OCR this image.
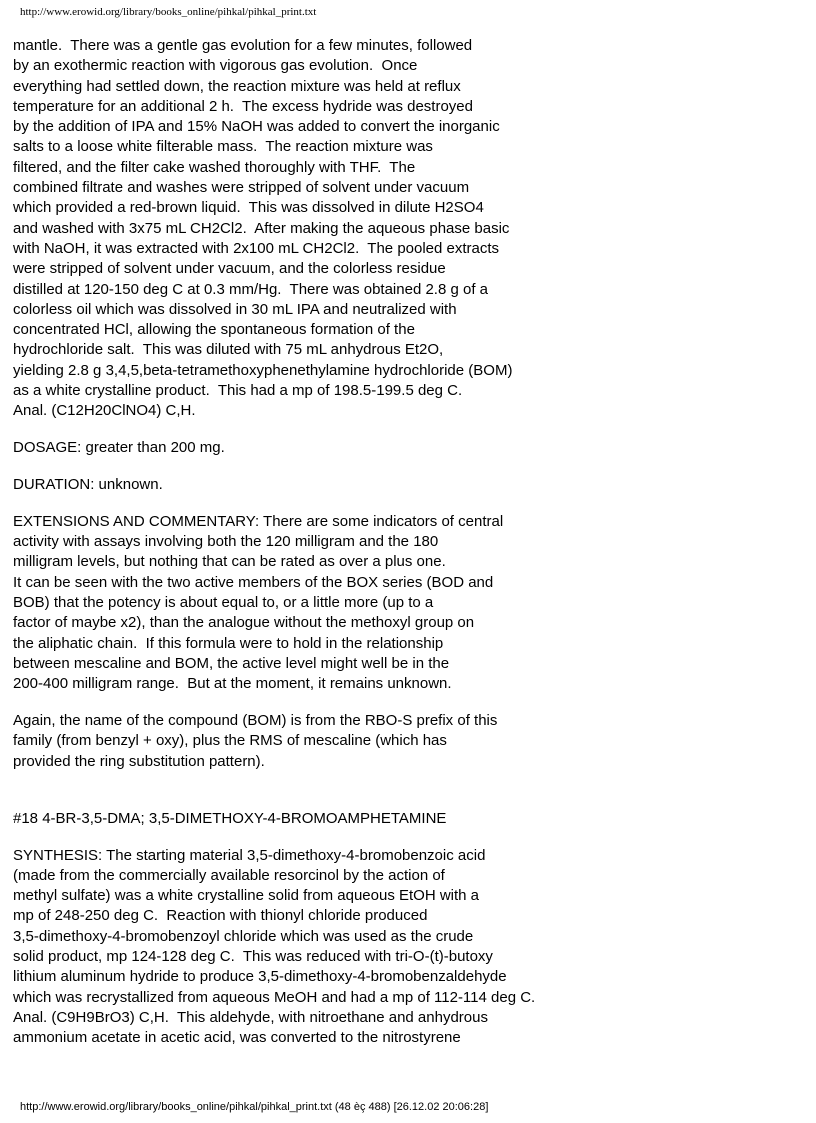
http://www.erowid.org/library/books_online/pihkal/pihkal_print.txt
mantle.  There was a gentle gas evolution for a few minutes, followed
by an exothermic reaction with vigorous gas evolution.  Once
everything had settled down, the reaction mixture was held at reflux
temperature for an additional 2 h.  The excess hydride was destroyed
by the addition of IPA and 15% NaOH was added to convert the inorganic
salts to a loose white filterable mass.  The reaction mixture was
filtered, and the filter cake washed thoroughly with THF.  The
combined filtrate and washes were stripped of solvent under vacuum
which provided a red-brown liquid.  This was dissolved in dilute H2SO4
and washed with 3x75 mL CH2Cl2.  After making the aqueous phase basic
with NaOH, it was extracted with 2x100 mL CH2Cl2.  The pooled extracts
were stripped of solvent under vacuum, and the colorless residue
distilled at 120-150 deg C at 0.3 mm/Hg.  There was obtained 2.8 g of a
colorless oil which was dissolved in 30 mL IPA and neutralized with
concentrated HCl, allowing the spontaneous formation of the
hydrochloride salt.  This was diluted with 75 mL anhydrous Et2O,
yielding 2.8 g 3,4,5,beta-tetramethoxyphenethylamine hydrochloride (BOM)
as a white crystalline product.  This had a mp of 198.5-199.5 deg C.
Anal. (C12H20ClNO4) C,H.
DOSAGE: greater than 200 mg.
DURATION: unknown.
EXTENSIONS AND COMMENTARY: There are some indicators of central
activity with assays involving both the 120 milligram and the 180
milligram levels, but nothing that can be rated as over a plus one.
It can be seen with the two active members of the BOX series (BOD and
BOB) that the potency is about equal to, or a little more (up to a
factor of maybe x2), than the analogue without the methoxyl group on
the aliphatic chain.  If this formula were to hold in the relationship
between mescaline and BOM, the active level might well be in the
200-400 milligram range.  But at the moment, it remains unknown.
Again, the name of the compound (BOM) is from the RBO-S prefix of this
family (from benzyl + oxy), plus the RMS of mescaline (which has
provided the ring substitution pattern).
#18 4-BR-3,5-DMA; 3,5-DIMETHOXY-4-BROMOAMPHETAMINE
SYNTHESIS: The starting material 3,5-dimethoxy-4-bromobenzoic acid
(made from the commercially available resorcinol by the action of
methyl sulfate) was a white crystalline solid from aqueous EtOH with a
mp of 248-250 deg C.  Reaction with thionyl chloride produced
3,5-dimethoxy-4-bromobenzoyl chloride which was used as the crude
solid product, mp 124-128 deg C.  This was reduced with tri-O-(t)-butoxy
lithium aluminum hydride to produce 3,5-dimethoxy-4-bromobenzaldehyde
which was recrystallized from aqueous MeOH and had a mp of 112-114 deg C.
Anal. (C9H9BrO3) C,H.  This aldehyde, with nitroethane and anhydrous
ammonium acetate in acetic acid, was converted to the nitrostyrene
http://www.erowid.org/library/books_online/pihkal/pihkal_print.txt (48 èç 488) [26.12.02 20:06:28]
